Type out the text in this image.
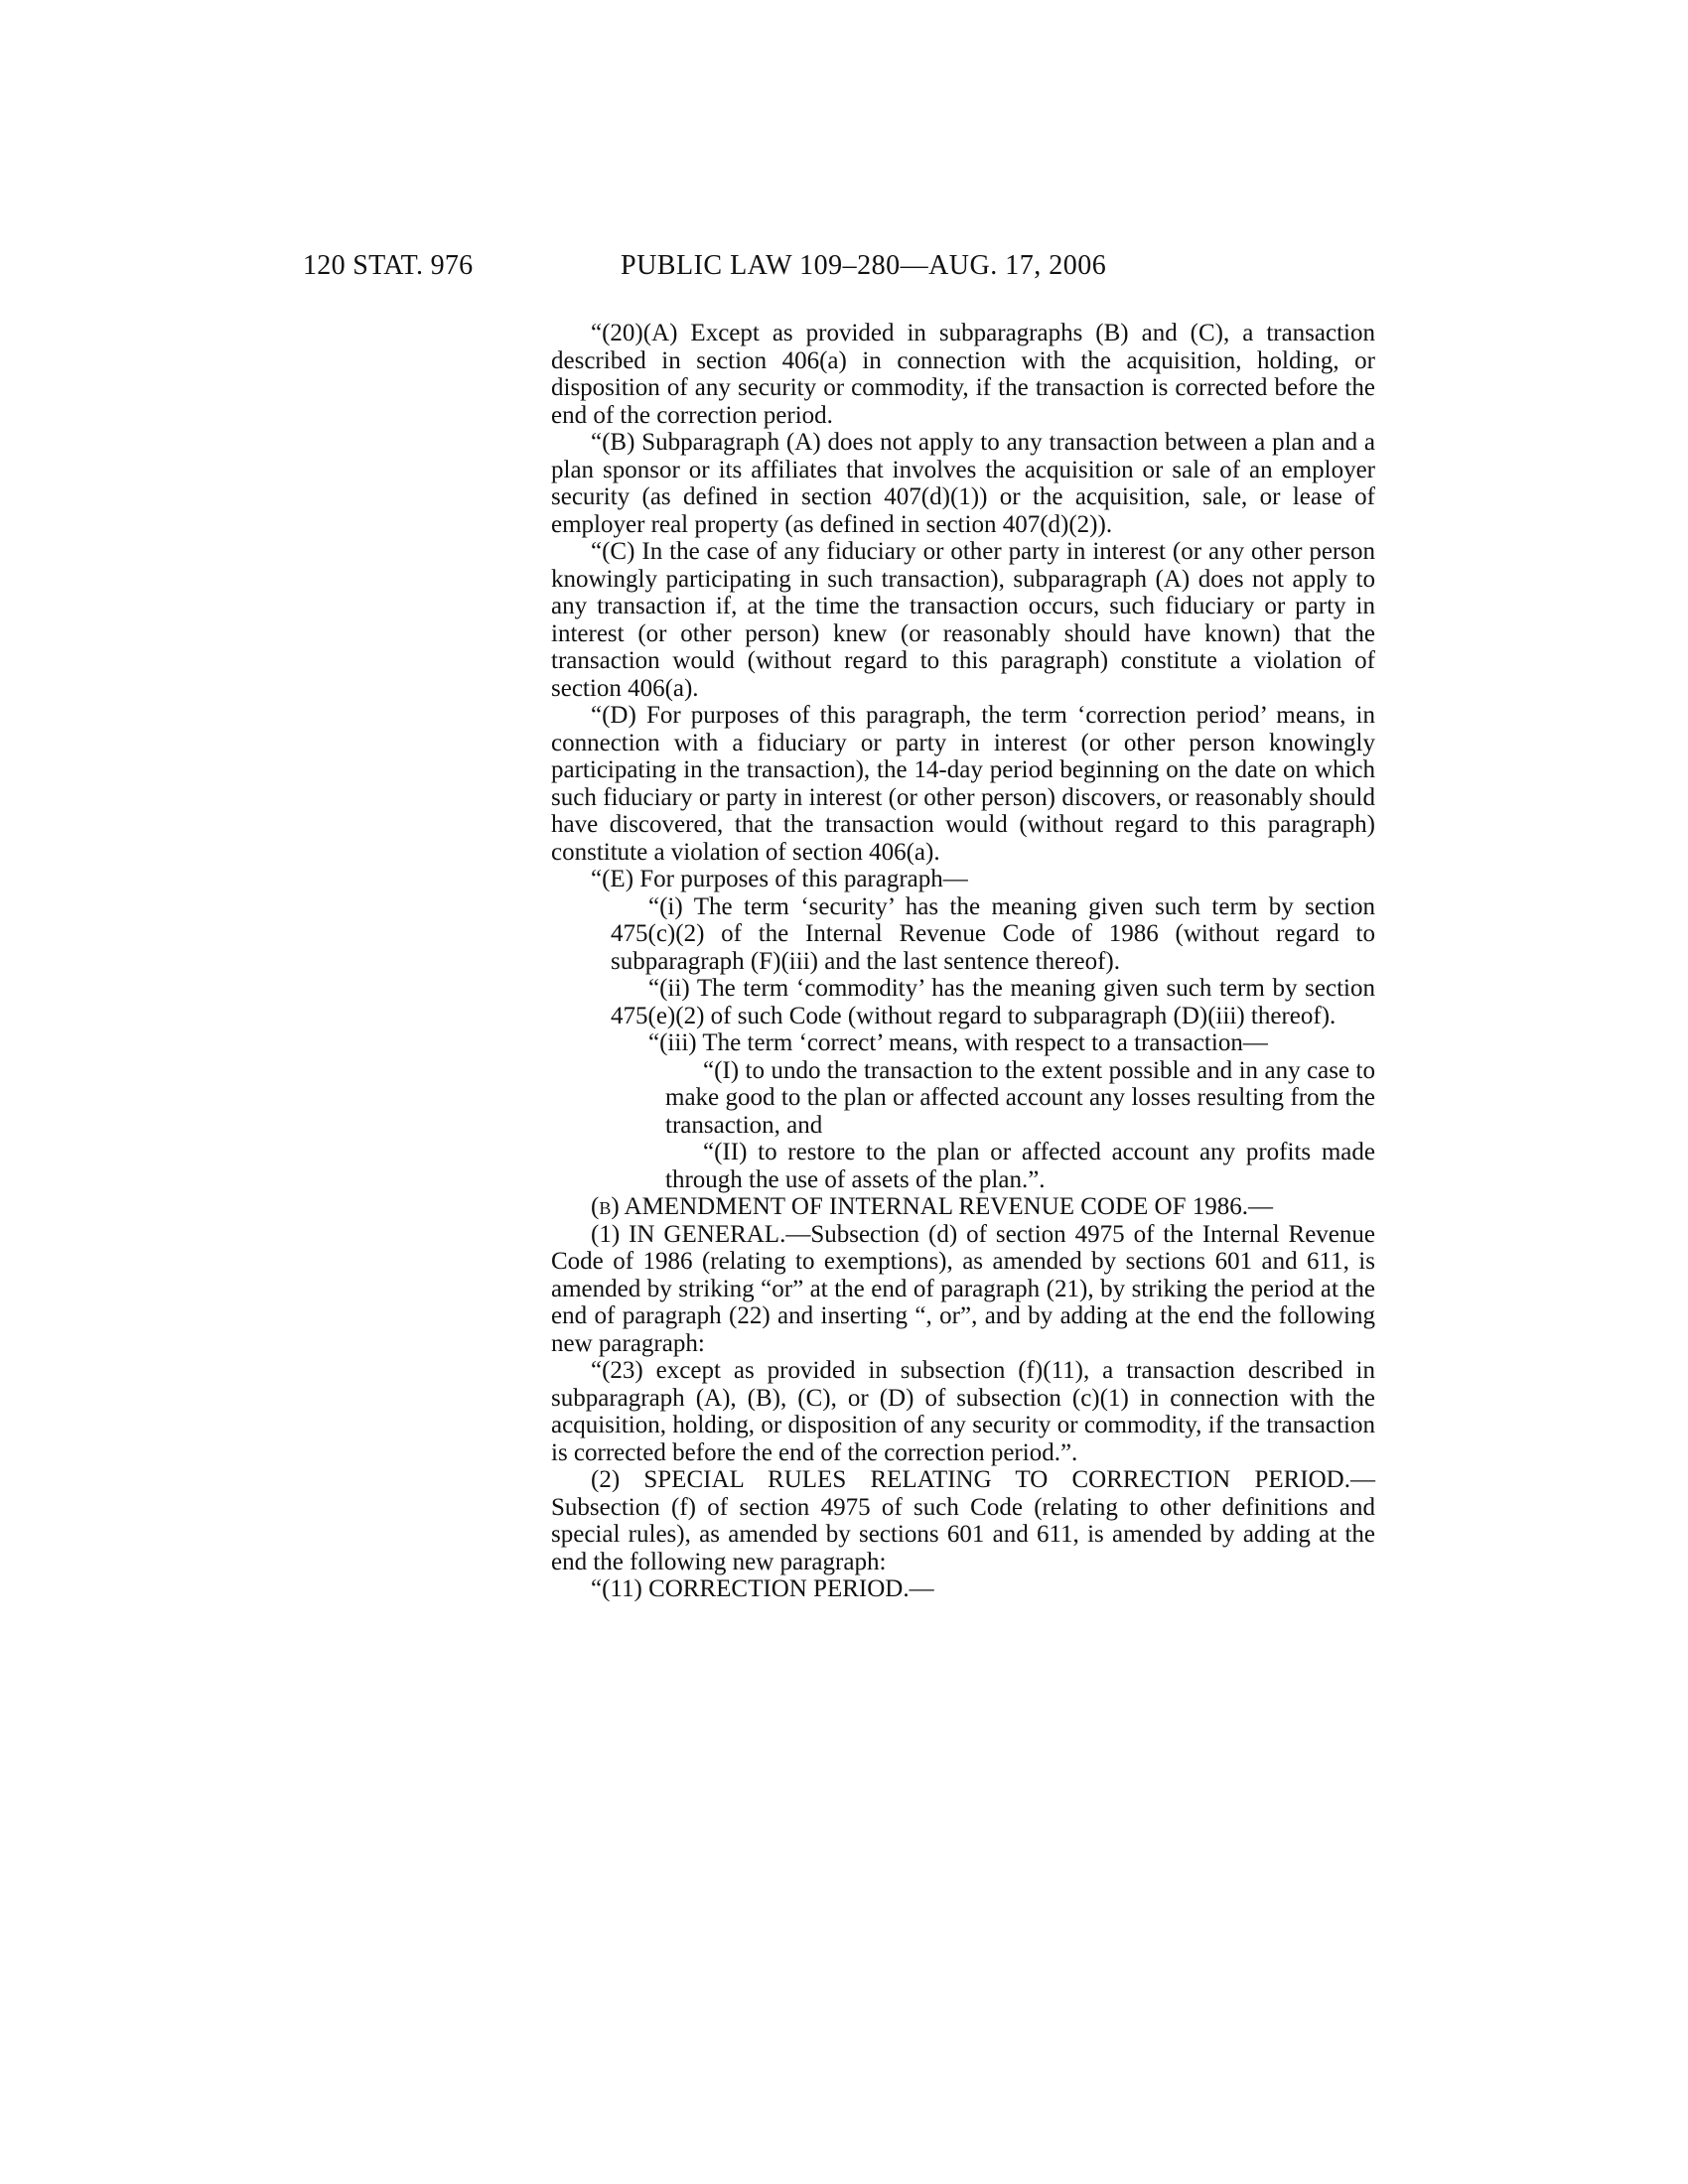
120 STAT. 976	PUBLIC LAW 109–280—AUG. 17, 2006

“(20)(A) Except as provided in subparagraphs (B) and (C), a transaction described in section 406(a) in connection with the acquisition, holding, or disposition of any security or commodity, if the transaction is corrected before the end of the correction period.

“(B) Subparagraph (A) does not apply to any transaction between a plan and a plan sponsor or its affiliates that involves the acquisition or sale of an employer security (as defined in section 407(d)(1)) or the acquisition, sale, or lease of employer real property (as defined in section 407(d)(2)).

“(C) In the case of any fiduciary or other party in interest (or any other person knowingly participating in such transaction), subparagraph (A) does not apply to any transaction if, at the time the transaction occurs, such fiduciary or party in interest (or other person) knew (or reasonably should have known) that the transaction would (without regard to this paragraph) constitute a violation of section 406(a).

“(D) For purposes of this paragraph, the term ‘correction period’ means, in connection with a fiduciary or party in interest (or other person knowingly participating in the transaction), the 14-day period beginning on the date on which such fiduciary or party in interest (or other person) discovers, or reasonably should have discovered, that the transaction would (without regard to this paragraph) constitute a violation of section 406(a).

“(E) For purposes of this paragraph—

“(i) The term ‘security’ has the meaning given such term by section 475(c)(2) of the Internal Revenue Code of 1986 (without regard to subparagraph (F)(iii) and the last sentence thereof).

“(ii) The term ‘commodity’ has the meaning given such term by section 475(e)(2) of such Code (without regard to subparagraph (D)(iii) thereof).

“(iii) The term ‘correct’ means, with respect to a transaction—

“(I) to undo the transaction to the extent possible and in any case to make good to the plan or affected account any losses resulting from the transaction, and

“(II) to restore to the plan or affected account any profits made through the use of assets of the plan.”.

(b) AMENDMENT OF INTERNAL REVENUE CODE OF 1986.—

(1) IN GENERAL.—Subsection (d) of section 4975 of the Internal Revenue Code of 1986 (relating to exemptions), as amended by sections 601 and 611, is amended by striking “or” at the end of paragraph (21), by striking the period at the end of paragraph (22) and inserting “, or”, and by adding at the end the following new paragraph:

“(23) except as provided in subsection (f)(11), a transaction described in subparagraph (A), (B), (C), or (D) of subsection (c)(1) in connection with the acquisition, holding, or disposition of any security or commodity, if the transaction is corrected before the end of the correction period.”.

(2) SPECIAL RULES RELATING TO CORRECTION PERIOD.—Subsection (f) of section 4975 of such Code (relating to other definitions and special rules), as amended by sections 601 and 611, is amended by adding at the end the following new paragraph:

“(11) CORRECTION PERIOD.—
